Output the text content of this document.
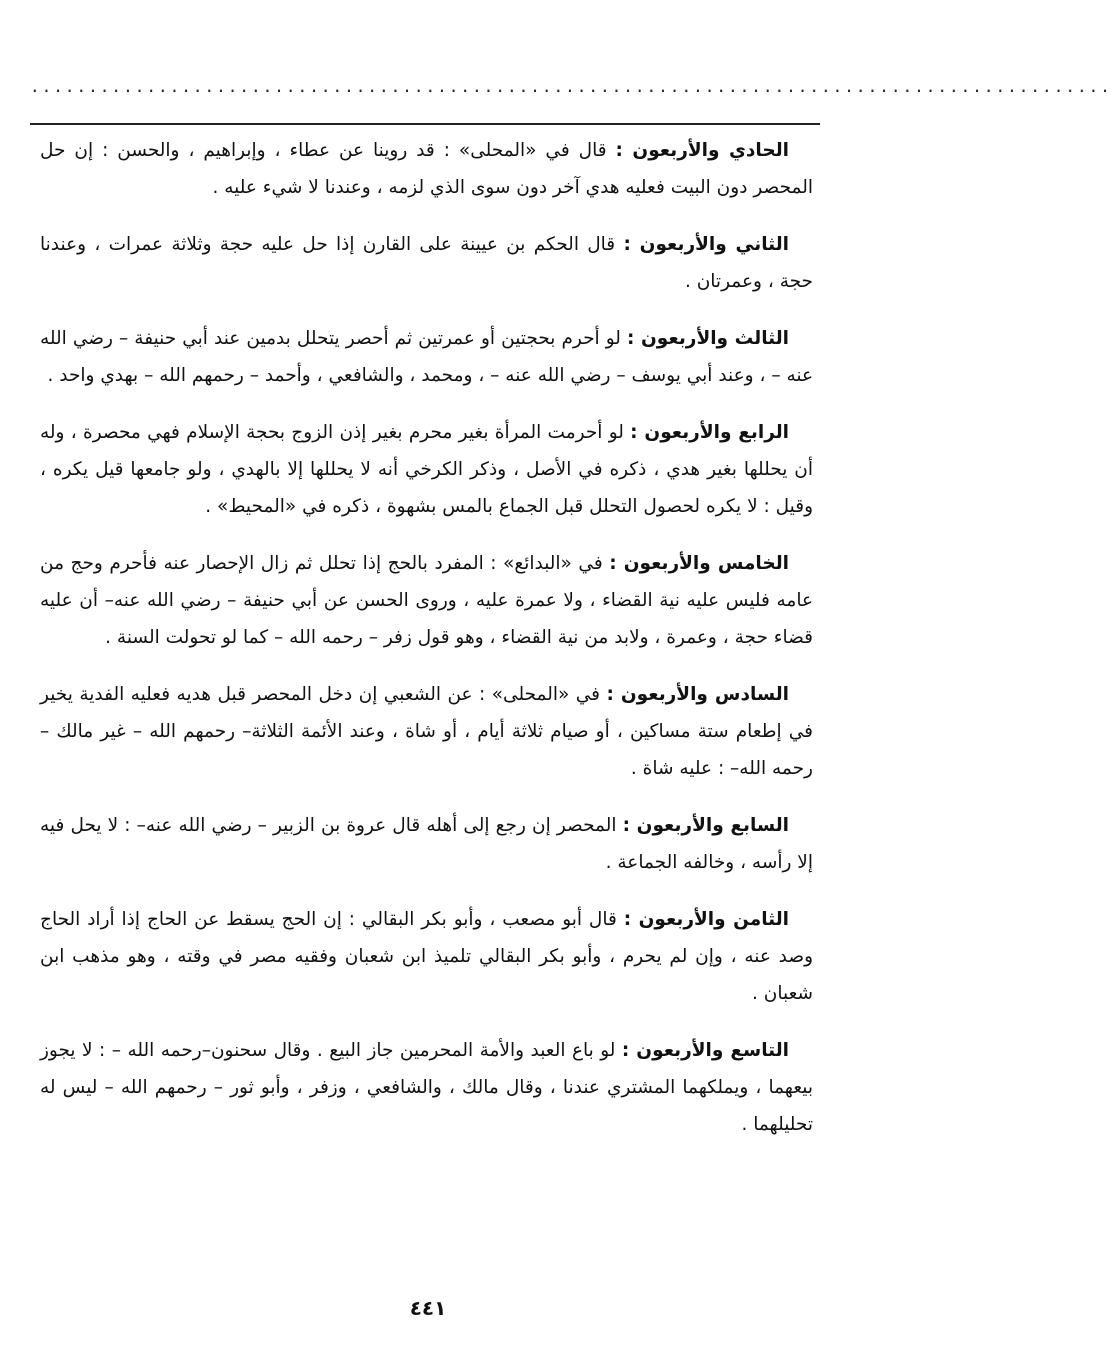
.............................................................................................

الحادي والأربعون : قال في «المحلى» : قد روينا عن عطاء ، وإبراهيم ، والحسن : إن حل المحصر دون البيت فعليه هدي آخر دون سوى الذي لزمه ، وعندنا لا شيء عليه .

الثاني والأربعون : قال الحكم بن عيينة على القارن إذا حل عليه حجة وثلاثة عمرات ، وعندنا حجة ، وعمرتان .

الثالث والأربعون : لو أحرم بحجتين أو عمرتين ثم أحصر يتحلل بدمين عند أبي حنيفة – رضي الله عنه – ، وعند أبي يوسف – رضي الله عنه – ، ومحمد ، والشافعي ، وأحمد – رحمهم الله – بهدي واحد .

الرابع والأربعون : لو أحرمت المرأة بغير محرم بغير إذن الزوج بحجة الإسلام فهي محصرة ، وله أن يحللها بغير هدي ، ذكره في الأصل ، وذكر الكرخي أنه لا يحللها إلا بالهدي ، ولو جامعها قيل يكره ، وقيل : لا يكره لحصول التحلل قبل الجماع بالمس بشهوة ، ذكره في «المحيط» .

الخامس والأربعون : في «البدائع» : المفرد بالحج إذا تحلل ثم زال الإحصار عنه فأحرم وحج من عامه فليس عليه نية القضاء ، ولا عمرة عليه ، وروى الحسن عن أبي حنيفة – رضي الله عنه– أن عليه قضاء حجة ، وعمرة ، ولابد من نية القضاء ، وهو قول زفر – رحمه الله – كما لو تحولت السنة .

السادس والأربعون : في «المحلى» : عن الشعبي إن دخل المحصر قبل هديه فعليه الفدية يخير في إطعام ستة مساكين ، أو صيام ثلاثة أيام ، أو شاة ، وعند الأئمة الثلاثة– رحمهم الله – غير مالك – رحمه الله– : عليه شاة .

السابع والأربعون : المحصر إن رجع إلى أهله قال عروة بن الزبير – رضي الله عنه– : لا يحل فيه إلا رأسه ، وخالفه الجماعة .

الثامن والأربعون : قال أبو مصعب ، وأبو بكر البقالي : إن الحج يسقط عن الحاج إذا أراد الحاج وصد عنه ، وإن لم يحرم ، وأبو بكر البقالي تلميذ ابن شعبان وفقيه مصر في وقته ، وهو مذهب ابن شعبان .

التاسع والأربعون : لو باع العبد والأمة المحرمين جاز البيع . وقال سحنون–رحمه الله – : لا يجوز بيعهما ، ويملكهما المشتري عندنا ، وقال مالك ، والشافعي ، وزفر ، وأبو ثور – رحمهم الله – ليس له تحليلهما .

٤٤١
